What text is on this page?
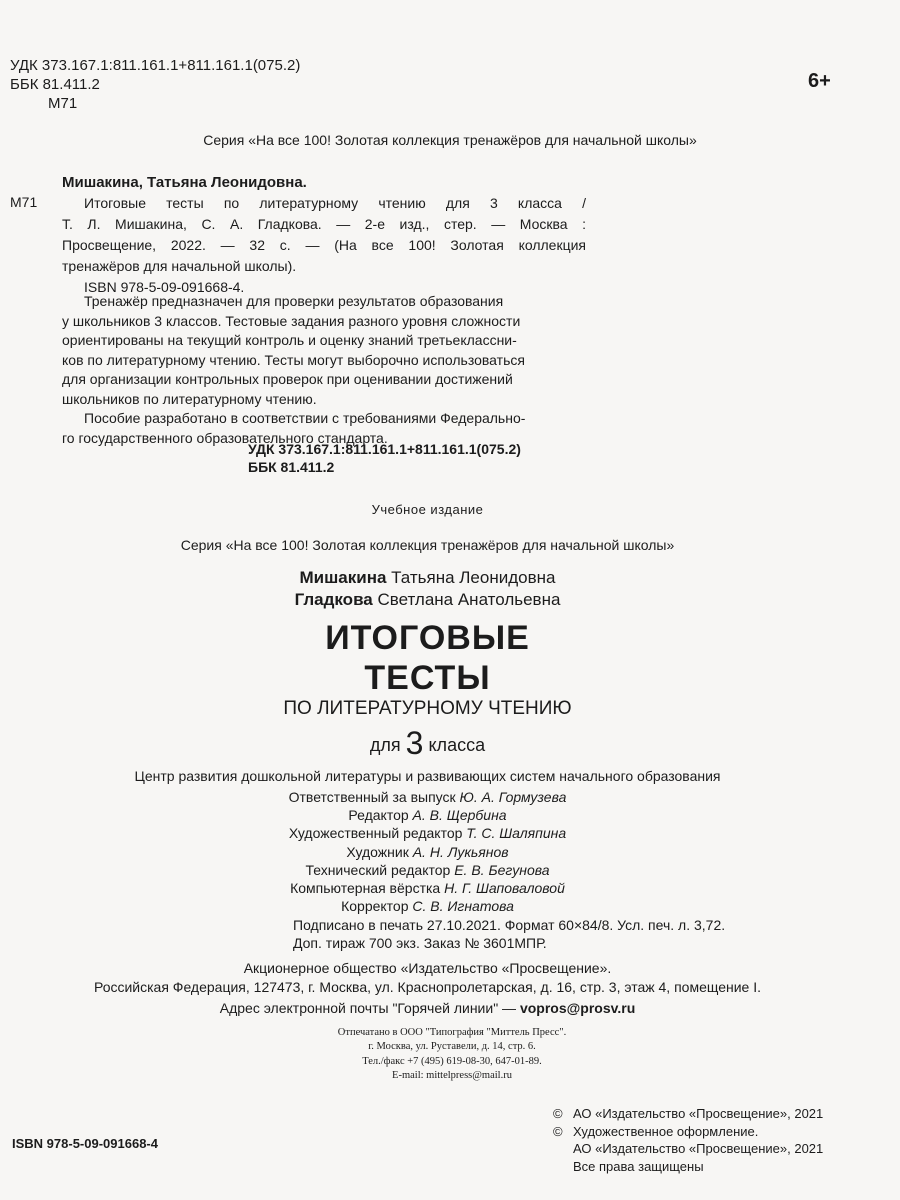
УДК 373.167.1:811.161.1+811.161.1(075.2)
ББК 81.411.2
М71
6+
Серия «На все 100! Золотая коллекция тренажёров для начальной школы»
М71
Мишакина, Татьяна Леонидовна.
Итоговые тесты по литературному чтению для 3 класса /
Т. Л. Мишакина, С. А. Гладкова. — 2-е изд., стер. — Москва :
Просвещение, 2022. — 32 с. — (На все 100! Золотая коллекция
тренажёров для начальной школы).
ISBN 978-5-09-091668-4.
Тренажёр предназначен для проверки результатов образования
у школьников 3 классов. Тестовые задания разного уровня сложности
ориентированы на текущий контроль и оценку знаний третьеклассни-
ков по литературному чтению. Тесты могут выборочно использоваться
для организации контрольных проверок при оценивании достижений
школьников по литературному чтению.
Пособие разработано в соответствии с требованиями Федерально-
го государственного образовательного стандарта.
УДК 373.167.1:811.161.1+811.161.1(075.2)
ББК 81.411.2
Учебное издание
Серия «На все 100! Золотая коллекция тренажёров для начальной школы»
Мишакина Татьяна Леонидовна
Гладкова Светлана Анатольевна
ИТОГОВЫЕ
ТЕСТЫ
ПО ЛИТЕРАТУРНОМУ ЧТЕНИЮ
для 3 класса
Центр развития дошкольной литературы и развивающих систем начального образования
Ответственный за выпуск Ю. А. Гормузева
Редактор А. В. Щербина
Художественный редактор Т. С. Шаляпина
Художник А. Н. Лукьянов
Технический редактор Е. В. Бегунова
Компьютерная вёрстка Н. Г. Шаповаловой
Корректор С. В. Игнатова
Подписано в печать 27.10.2021. Формат 60×84/8. Усл. печ. л. 3,72.
Доп. тираж 700 экз. Заказ № 3601МПР.
Акционерное общество «Издательство «Просвещение».
Российская Федерация, 127473, г. Москва, ул. Краснопролетарская, д. 16, стр. 3, этаж 4, помещение I.
Адрес электронной почты "Горячей линии" — vopros@prosv.ru
Отпечатано в ООО "Типография "Миттель Пресс".
г. Москва, ул. Руставели, д. 14, стр. 6.
Тел./факс +7 (495) 619-08-30, 647-01-89.
E-mail: mittelpress@mail.ru
ISBN 978-5-09-091668-4
© АО «Издательство «Просвещение», 2021
© Художественное оформление.
АО «Издательство «Просвещение», 2021
Все права защищены
